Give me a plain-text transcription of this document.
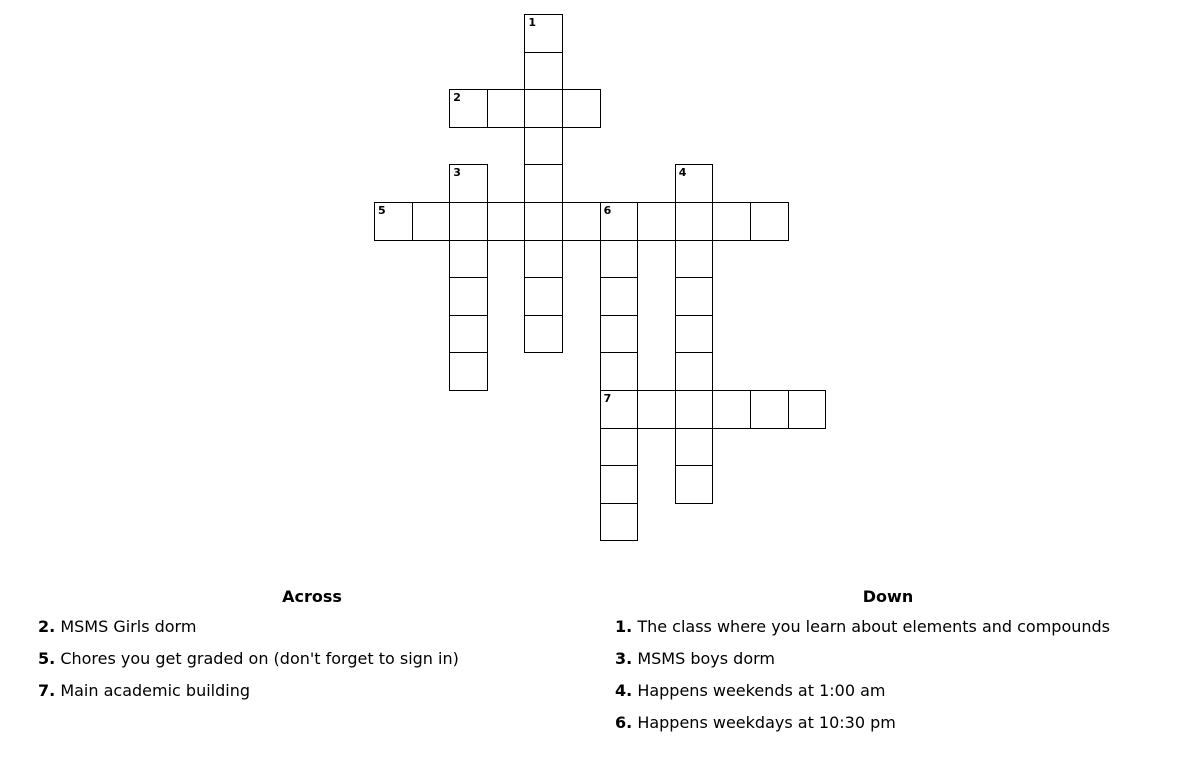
1
2
3	4
5	6
7
Across
2. MSMS Girls dorm
5. Chores you get graded on (don't forget to sign in)
7. Main academic building
Down
1. The class where you learn about elements and compounds
3. MSMS boys dorm
4. Happens weekends at 1:00 am
6. Happens weekdays at 10:30 pm
